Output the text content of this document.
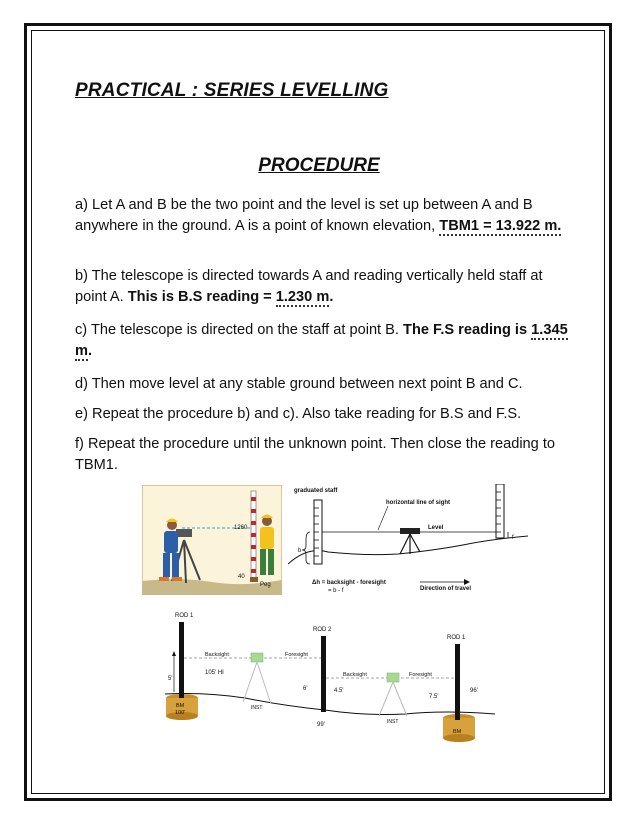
PRACTICAL : SERIES LEVELLING
PROCEDURE
a) Let A and B be the two point and the level is set up between A and B anywhere in the ground. A is a point of known elevation, TBM1 = 13.922 m.
b) The telescope is directed towards A and reading vertically held staff at point A. This is B.S reading = 1.230 m.
c) The telescope is directed on the staff at point B. The F.S reading is 1.345 m.
d) Then move level at any stable ground between next point B and C.
e) Repeat the procedure b) and c). Also take reading for B.S and F.S.
f) Repeat the procedure until the unknown point. Then close the reading to TBM1.
1260
40
Peg
graduated staff
horizontal line of sight
Level
b
f
Δh = backsight - foresight
= b - f	Direction of travel
BM
100'
ROD 1
5'
Backsight	Foresight
105' HI
INST
ROD 2
6'	4.5'
99'
Backsight	Foresight
INST
BM
ROD 1
7.5'
96'
